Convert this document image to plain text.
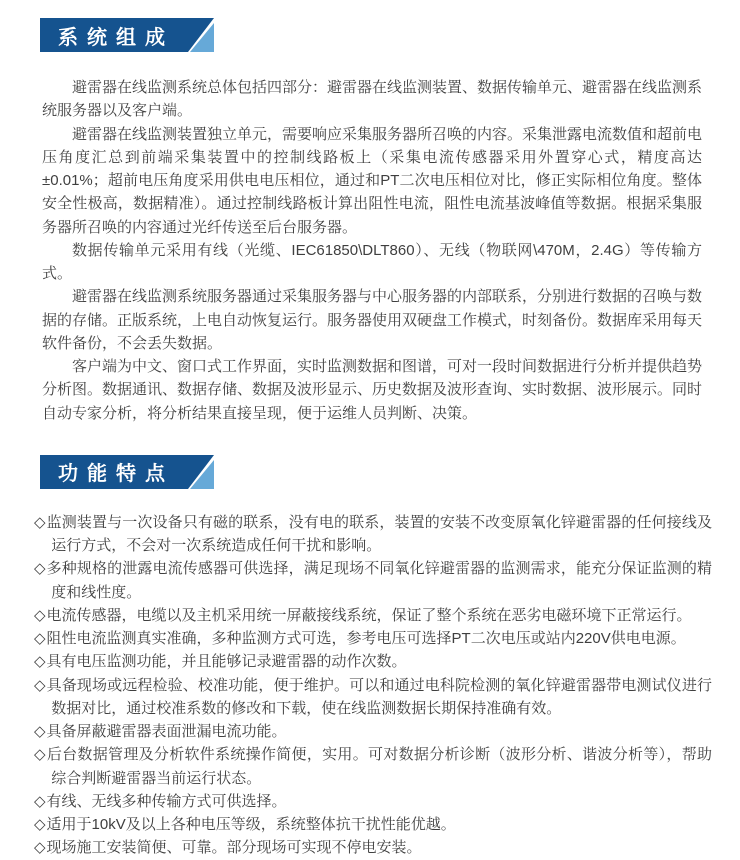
系统组成

避雷器在线监测系统总体包括四部分：避雷器在线监测装置、数据传输单元、避雷器在线监测系统服务器以及客户端。

避雷器在线监测装置独立单元，需要响应采集服务器所召唤的内容。采集泄露电流数值和超前电压角度汇总到前端采集装置中的控制线路板上（采集电流传感器采用外置穿心式，精度高达±0.01%；超前电压角度采用供电电压相位，通过和PT二次电压相位对比，修正实际相位角度。整体安全性极高，数据精准）。通过控制线路板计算出阻性电流，阻性电流基波峰值等数据。根据采集服务器所召唤的内容通过光纤传送至后台服务器。

数据传输单元采用有线（光缆、IEC61850\DLT860）、无线（物联网\470M，2.4G）等传输方式。

避雷器在线监测系统服务器通过采集服务器与中心服务器的内部联系，分别进行数据的召唤与数据的存储。正版系统，上电自动恢复运行。服务器使用双硬盘工作模式，时刻备份。数据库采用每天软件备份，不会丢失数据。

客户端为中文、窗口式工作界面，实时监测数据和图谱，可对一段时间数据进行分析并提供趋势分析图。数据通讯、数据存储、数据及波形显示、历史数据及波形查询、实时数据、波形展示。同时自动专家分析，将分析结果直接呈现，便于运维人员判断、决策。

功能特点
◇监测装置与一次设备只有磁的联系，没有电的联系，装置的安装不改变原氧化锌避雷器的任何接线及运行方式，不会对一次系统造成任何干扰和影响。
◇多种规格的泄露电流传感器可供选择，满足现场不同氧化锌避雷器的监测需求，能充分保证监测的精度和线性度。
◇电流传感器，电缆以及主机采用统一屏蔽接线系统，保证了整个系统在恶劣电磁环境下正常运行。
◇阻性电流监测真实准确，多种监测方式可选，参考电压可选择PT二次电压或站内220V供电电源。
◇具有电压监测功能，并且能够记录避雷器的动作次数。
◇具备现场或远程检验、校准功能，便于维护。可以和通过电科院检测的氧化锌避雷器带电测试仪进行数据对比，通过校准系数的修改和下载，使在线监测数据长期保持准确有效。
◇具备屏蔽避雷器表面泄漏电流功能。
◇后台数据管理及分析软件系统操作简便，实用。可对数据分析诊断（波形分析、谐波分析等），帮助综合判断避雷器当前运行状态。
◇有线、无线多种传输方式可供选择。
◇适用于10kV及以上各种电压等级，系统整体抗干扰性能优越。
◇现场施工安装简便、可靠。部分现场可实现不停电安装。
